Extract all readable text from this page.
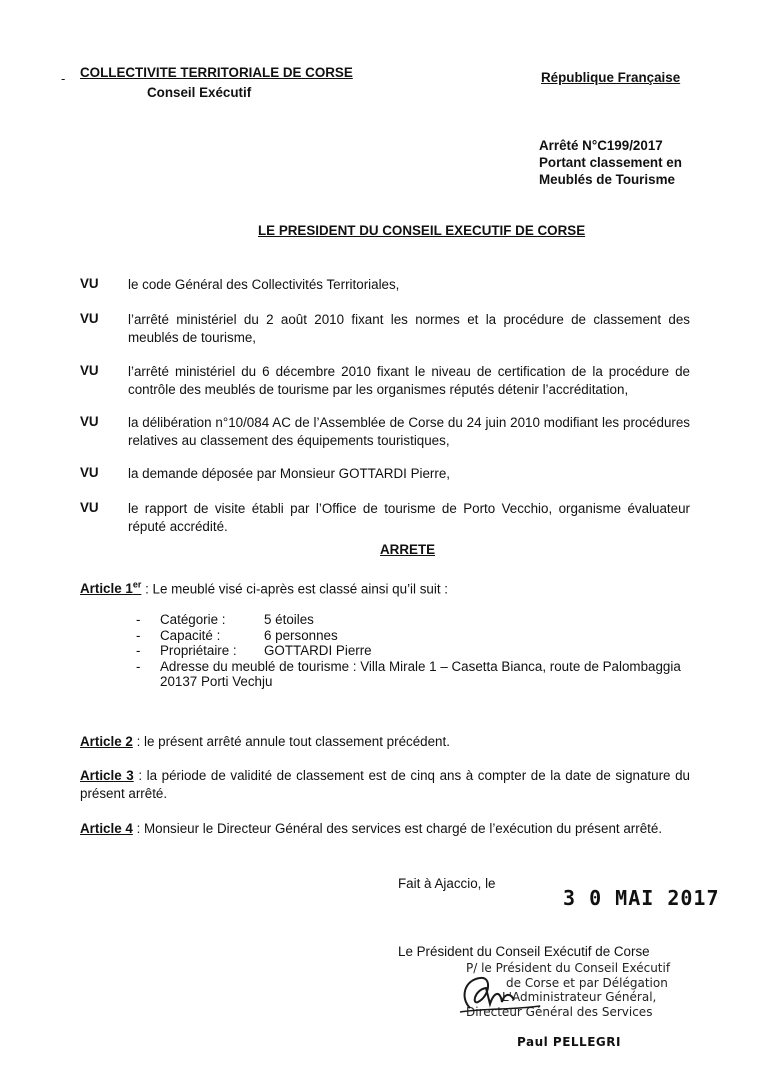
- COLLECTIVITE TERRITORIALE DE CORSE
Conseil Exécutif
République Française
Arrêté N°C199/2017
Portant classement en
Meublés de Tourisme
LE PRESIDENT DU CONSEIL EXECUTIF DE CORSE
VU le code Général des Collectivités Territoriales,
VU l’arrêté ministériel du 2 août 2010 fixant les normes et la procédure de classement des meublés de tourisme,
VU l’arrêté ministériel du 6 décembre 2010 fixant le niveau de certification de la procédure de contrôle des meublés de tourisme par les organismes réputés détenir l’accréditation,
VU la délibération n°10/084 AC de l’Assemblée de Corse du 24 juin 2010 modifiant les procédures relatives au classement des équipements touristiques,
VU la demande déposée par Monsieur GOTTARDI Pierre,
VU le rapport de visite établi par l’Office de tourisme de Porto Vecchio, organisme évaluateur réputé accrédité.
ARRETE
Article 1er : Le meublé visé ci-après est classé ainsi qu’il suit :
- Catégorie :	5 étoiles
- Capacité :	6 personnes
- Propriétaire : GOTTARDI Pierre
- Adresse du meublé de tourisme : Villa Mirale 1 – Casetta Bianca, route de Palombaggia
20137 Porti Vechju
Article 2 : le présent arrêté annule tout classement précédent.
Article 3 : la période de validité de classement est de cinq ans à compter de la date de signature du présent arrêté.
Article 4 : Monsieur le Directeur Général des services est chargé de l’exécution du présent arrêté.
Fait à Ajaccio, le
3 0 MAI 2017
Le Président du Conseil Exécutif de Corse
P/ le Président du Conseil Exécutif
de Corse et par Délégation
L'Administrateur Général,
Directeur Général des Services
Paul PELLEGRI
